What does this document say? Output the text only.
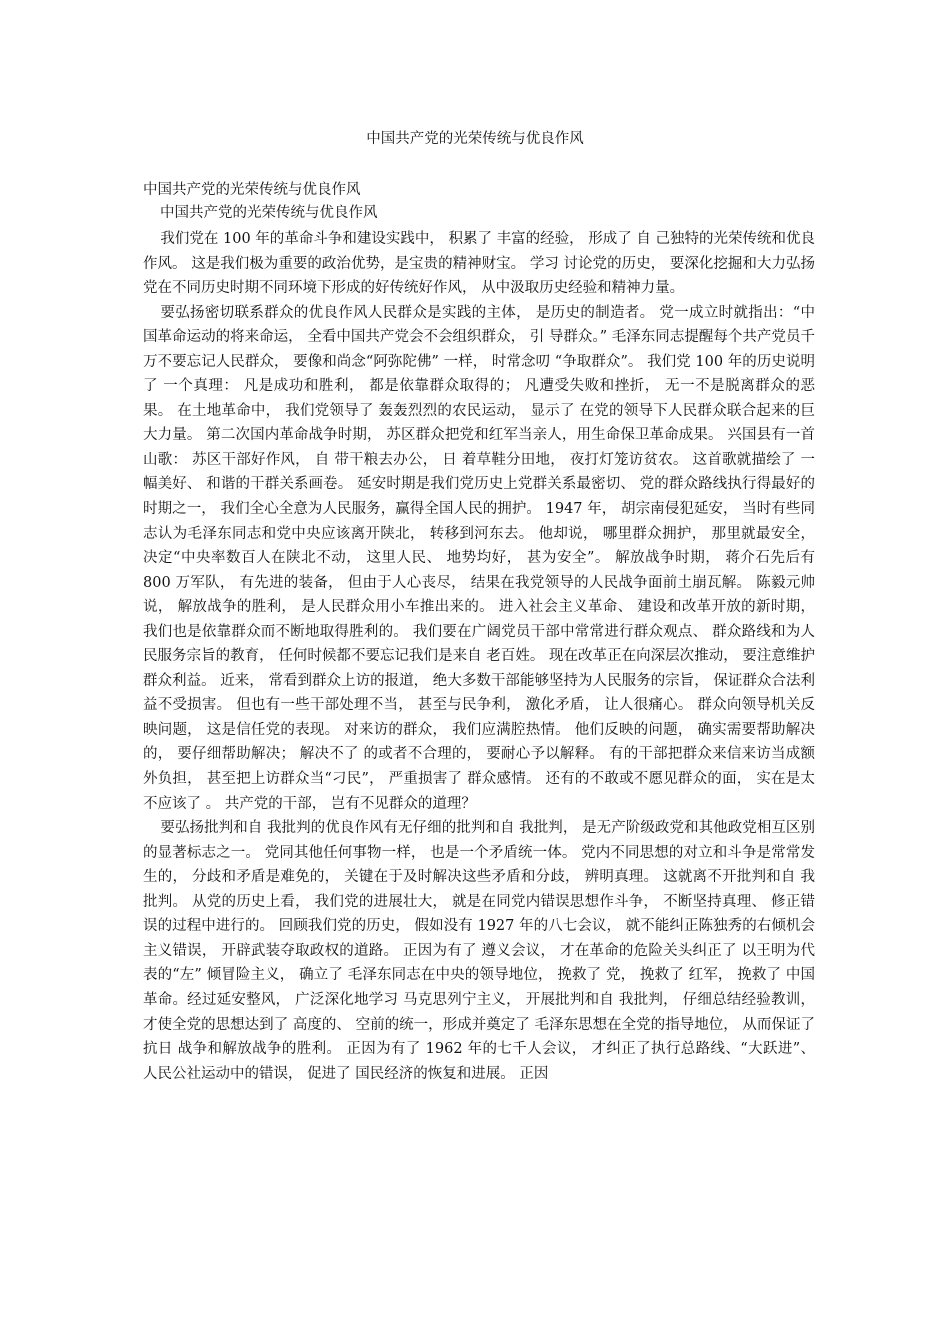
中国共产党的光荣传统与优良作风
中国共产党的光荣传统与优良作风
中国共产党的光荣传统与优良作风

我们党在 100 年的革命斗争和建设实践中， 积累了 丰富的经验， 形成了 自 己独特的光荣传统和优良作风。 这是我们极为重要的政治优势，是宝贵的精神财宝。 学习 讨论党的历史， 要深化挖掘和大力弘扬党在不同历史时期不同环境下形成的好传统好作风， 从中汲取历史经验和精神力量。

要弘扬密切联系群众的优良作风人民群众是实践的主体， 是历史的制造者。 党一成立时就指出：“中国革命运动的将来命运， 全看中国共产党会不会组织群众， 引 导群众。” 毛泽东同志提醒每个共产党员千万不要忘记人民群众， 要像和尚念“阿弥陀佛” 一样， 时常念叨 “争取群众”。 我们党 100 年的历史说明了 一个真理： 凡是成功和胜利， 都是依靠群众取得的； 凡遭受失败和挫折， 无一不是脱离群众的恶果。 在土地革命中， 我们党领导了 轰轰烈烈的农民运动， 显示了 在党的领导下人民群众联合起来的巨大力量。 第二次国内革命战争时期， 苏区群众把党和红军当亲人，用生命保卫革命成果。 兴国县有一首山歌： 苏区干部好作风， 自 带干粮去办公， 日 着草鞋分田地， 夜打灯笼访贫农。 这首歌就描绘了 一幅美好、 和谐的干群关系画卷。 延安时期是我们党历史上党群关系最密切、 党的群众路线执行得最好的时期之一， 我们全心全意为人民服务，赢得全国人民的拥护。 1947 年， 胡宗南侵犯延安， 当时有些同志认为毛泽东同志和党中央应该离开陕北， 转移到河东去。 他却说， 哪里群众拥护， 那里就最安全， 决定“中央率数百人在陕北不动， 这里人民、 地势均好， 甚为安全”。 解放战争时期， 蒋介石先后有 800 万军队， 有先进的装备， 但由于人心丧尽， 结果在我党领导的人民战争面前土崩瓦解。 陈毅元帅说， 解放战争的胜利， 是人民群众用小车推出来的。 进入社会主义革命、 建设和改革开放的新时期， 我们也是依靠群众而不断地取得胜利的。 我们要在广阔党员干部中常常进行群众观点、 群众路线和为人民服务宗旨的教育， 任何时候都不要忘记我们是来自 老百姓。 现在改革正在向深层次推动， 要注意维护群众利益。 近来， 常看到群众上访的报道， 绝大多数干部能够坚持为人民服务的宗旨， 保证群众合法利益不受损害。 但也有一些干部处理不当， 甚至与民争利， 激化矛盾， 让人很痛心。 群众向领导机关反映问题， 这是信任党的表现。 对来访的群众， 我们应满腔热情。 他们反映的问题， 确实需要帮助解决的， 要仔细帮助解决； 解决不了 的或者不合理的， 要耐心予以解释。 有的干部把群众来信来访当成额外负担， 甚至把上访群众当“刁民”， 严重损害了 群众感情。 还有的不敢或不愿见群众的面， 实在是太不应该了 。 共产党的干部， 岂有不见群众的道理？

要弘扬批判和自 我批判的优良作风有无仔细的批判和自 我批判， 是无产阶级政党和其他政党相互区别的显著标志之一。 党同其他任何事物一样， 也是一个矛盾统一体。 党内不同思想的对立和斗争是常常发生的， 分歧和矛盾是难免的， 关键在于及时解决这些矛盾和分歧， 辨明真理。 这就离不开批判和自 我批判。 从党的历史上看， 我们党的进展壮大， 就是在同党内错误思想作斗争， 不断坚持真理、 修正错误的过程中进行的。 回顾我们党的历史， 假如没有 1927 年的八七会议， 就不能纠正陈独秀的右倾机会主义错误， 开辟武装夺取政权的道路。 正因为有了 遵义会议， 才在革命的危险关头纠正了 以王明为代表的“左” 倾冒险主义， 确立了 毛泽东同志在中央的领导地位， 挽救了 党， 挽救了 红军， 挽救了 中国革命。经过延安整风， 广泛深化地学习 马克思列宁主义， 开展批判和自 我批判， 仔细总结经验教训， 才使全党的思想达到了 高度的、 空前的统一，形成并奠定了 毛泽东思想在全党的指导地位， 从而保证了 抗日 战争和解放战争的胜利。 正因为有了 1962 年的七千人会议， 才纠正了执行总路线、“大跃进”、 人民公社运动中的错误， 促进了 国民经济的恢复和进展。 正因
